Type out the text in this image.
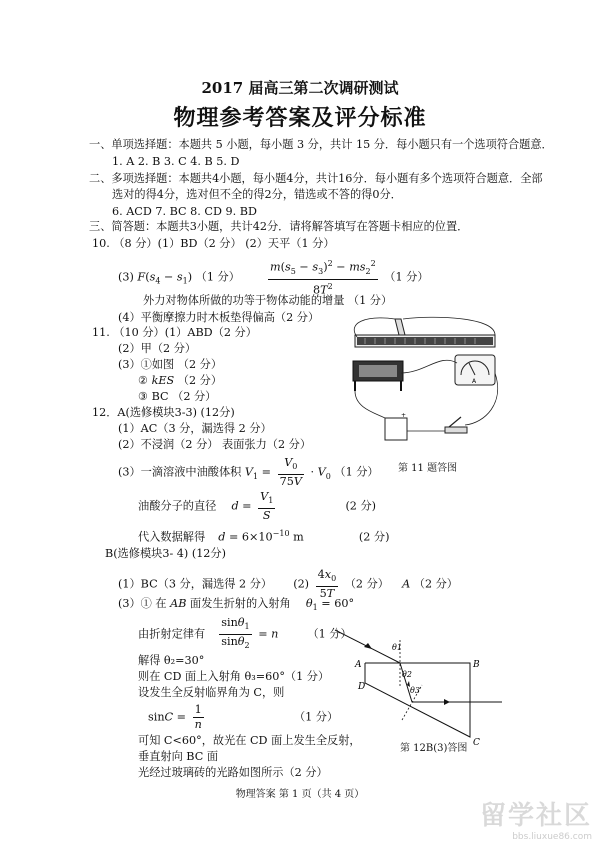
2017 届高三第二次调研测试
物理参考答案及评分标准
一、单项选择题：本题共 5 小题，每小题 3 分，共计 15 分．每小题只有一个选项符合题意．
1. A 2. B 3. C 4. B 5. D
二、多项选择题：本题共4小题，每小题4分，共计16分．每小题有多个选项符合题意．全部
选对的得4分，选对但不全的得2分，错选或不答的得0分．
6. ACD 7. BC 8. CD 9. BD
三、简答题：本题共3小题，共计42分．请将解答填写在答题卡相应的位置．
10. （8 分）(1）BD（2 分） (2）天平（1 分）
(3) $F(s_4 - s_1)$ （1 分）	$\frac{m(s_5 - s_3)^2 - ms_2^2}{8T^2} (1$ 分）
外力对物体所做的功等于物体动能的增量 （1 分）
(4）平衡摩擦力时木板垫得偏高（2 分）
11. （10 分）(1）ABD（2 分）
(2）甲（2 分）
(3）①如图 （2 分）
② kES （2 分）
③ BC （2 分）
A
+
第 11 题答图
12．A(选修模块3-3) (12分)
(1）AC（3 分，漏选得 2 分）
(2）不浸润（2 分） 表面张力（2 分）
(3）一滴溶液中油酸体积 $V_1 = \frac{V_0}{75V} \cdot V_0$ （1 分）
油酸分子的直径 $d = \frac{V_1}{S}$	(2 分)
代入数据解得 $d = 6\times 10^{-10}$ m	(2 分)
B(选修模块3- 4) (12分)
(1）BC（3 分，漏选得 2 分） $(2) \frac{4x_0}{5T} (2$ 分） A （2 分）
(3）① 在 AB 面发生折射的入射角 $\theta_1 = 60^\circ$
由折射定律有 $\frac{\sin\theta_1}{\sin\theta_2} = n$	（1 分）
解得 θ₂=30°
则在 CD 面上入射角 θ₃=60°（1 分）
设发生全反射临界角为 C，则
$\sin C = \frac{1}{n}$	（1 分）
可知 C<60°，故光在 CD 面上发生全反射，
垂直射向 BC 面
光经过玻璃砖的光路如图所示（2 分）
θ1
θ2
θ3
A	B
D
C
第 12B(3)答图
物理答案 第 1 页（共 4 页）
留学社区
bbs.liuxue86.com
